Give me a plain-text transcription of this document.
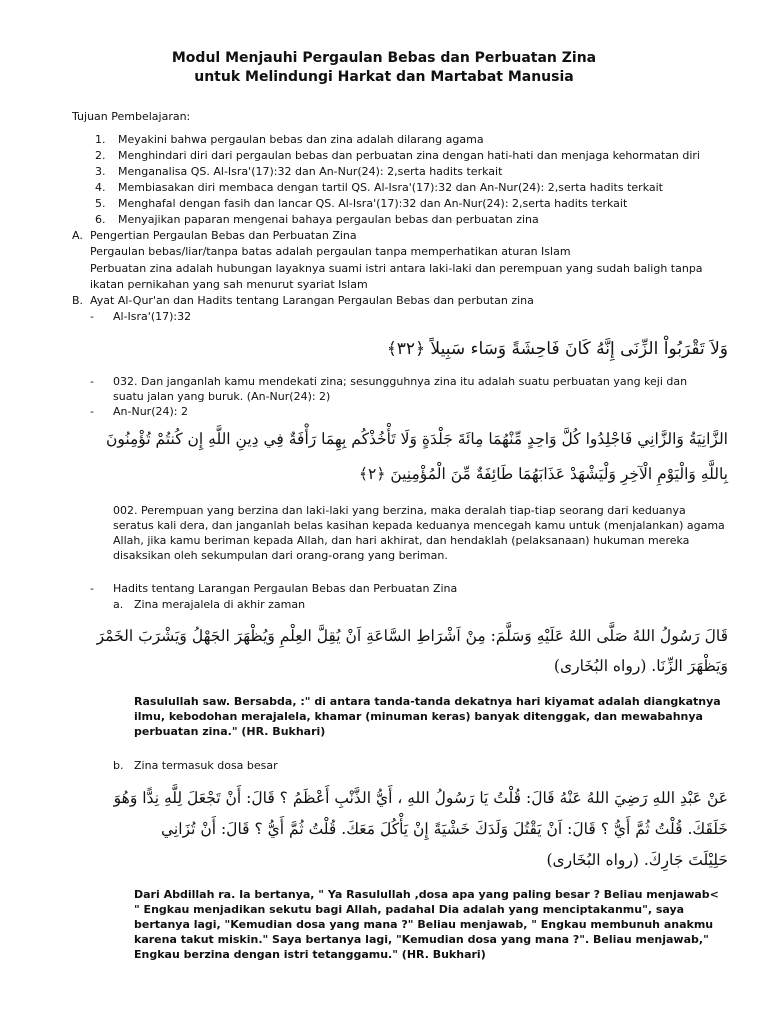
Modul Menjauhi Pergaulan Bebas dan Perbuatan Zina
untuk Melindungi Harkat dan Martabat Manusia
Tujuan Pembelajaran:
1. Meyakini bahwa pergaulan bebas dan zina adalah dilarang agama
2. Menghindari diri dari pergaulan bebas dan perbuatan zina dengan hati-hati dan menjaga kehormatan diri
3. Menganalisa QS. Al-Isra'(17):32 dan An-Nur(24): 2,serta hadits terkait
4. Membiasakan diri membaca dengan tartil QS. Al-Isra'(17):32 dan An-Nur(24): 2,serta hadits terkait
5. Menghafal dengan fasih dan lancar QS. Al-Isra'(17):32 dan An-Nur(24): 2,serta hadits terkait
6. Menyajikan paparan mengenai bahaya pergaulan bebas dan perbuatan zina
A. Pengertian Pergaulan Bebas dan Perbuatan Zina
Pergaulan bebas/liar/tanpa batas adalah pergaulan tanpa memperhatikan aturan Islam
Perbuatan zina adalah hubungan layaknya suami istri antara laki-laki dan perempuan yang sudah baligh tanpa
ikatan pernikahan yang sah menurut syariat Islam
B. Ayat Al-Qur'an dan Hadits tentang Larangan Pergaulan Bebas dan perbutan zina
- Al-Isra'(17):32
وَلاَ تَقْرَبُواْ الزِّنَى إِنَّهُ كَانَ فَاحِشَةً وَسَاء سَبِيلاً ﴿٣٢﴾
- 032. Dan janganlah kamu mendekati zina; sesungguhnya zina itu adalah suatu perbuatan yang keji dan
suatu jalan yang buruk. (An-Nur(24): 2)
- An-Nur(24): 2
الزَّانِيَةُ وَالزَّانِي فَاجْلِدُوا كُلَّ وَاحِدٍ مِّنْهُمَا مِائَةَ جَلْدَةٍ وَلَا تَأْخُذْكُم بِهِمَا رَأْفَةٌ فِي دِينِ اللَّهِ إِن كُنتُمْ تُؤْمِنُونَ
بِاللَّهِ وَالْيَوْمِ الْآخِرِ وَلْيَشْهَدْ عَذَابَهُمَا طَائِفَةٌ مِّنَ الْمُؤْمِنِينَ ﴿٢﴾
002. Perempuan yang berzina dan laki-laki yang berzina, maka deralah tiap-tiap seorang dari keduanya seratus kali dera, dan janganlah belas kasihan kepada keduanya mencegah kamu untuk (menjalankan) agama Allah, jika kamu beriman kepada Allah, dan hari akhirat, dan hendaklah (pelaksanaan) hukuman mereka disaksikan oleh sekumpulan dari orang-orang yang beriman.
- Hadits tentang Larangan Pergaulan Bebas dan Perbuatan Zina
a. Zina merajalela di akhir zaman
قَالَ رَسُولُ اللهُ صَلَّى اللهُ عَلَيْهِ وَسَلَّمَ: مِنْ اَشْرَاطِ السَّاعَةِ اَنْ يُقِلَّ العِلْمِ وَيُظْهَرَ الجَهْلُ وَيَشْرَبَ الخَمْرَ
وَيَظْهَرَ الزِّنَا. (رواه البُخَارى)
Rasulullah saw. Bersabda, :" di antara tanda-tanda dekatnya hari kiyamat adalah diangkatnya ilmu, kebodohan merajalela, khamar (minuman keras) banyak ditenggak, dan mewabahnya perbuatan zina." (HR. Bukhari)
b. Zina termasuk dosa besar
عَنْ عَبْدِ اللهِ رَضِيَ اللهُ عَنْهُ قَالَ: قُلْتُ يَا رَسُولُ اللهِ ، أَيُّ الذَّنْبِ أَعْظَمُ ؟ قَالَ: أَنْ تَجْعَلَ لِلَّهِ نِدًّا وَهُوَ
خَلَقَكَ. قُلْتُ ثُمَّ أَيُّ ؟ قَالَ: اَنْ يَقْتُلَ وَلَدَكَ خَشْيَةً إِنْ يَأْكُلَ مَعَكَ. قُلْتُ ثُمَّ أَيُّ ؟ قَالَ: أَنْ تُزَانِي
حَلِيْلَتَ جَارِكَ. (رواه البُخَارى)
Dari Abdillah ra. Ia bertanya, " Ya Rasulullah ,dosa apa yang paling besar ? Beliau menjawab< " Engkau menjadikan sekutu bagi Allah, padahal Dia adalah yang menciptakanmu", saya bertanya lagi, "Kemudian dosa yang mana ?" Beliau menjawab, " Engkau membunuh anakmu karena takut miskin." Saya bertanya lagi, "Kemudian dosa yang mana ?". Beliau menjawab," Engkau berzina dengan istri tetanggamu." (HR. Bukhari)
